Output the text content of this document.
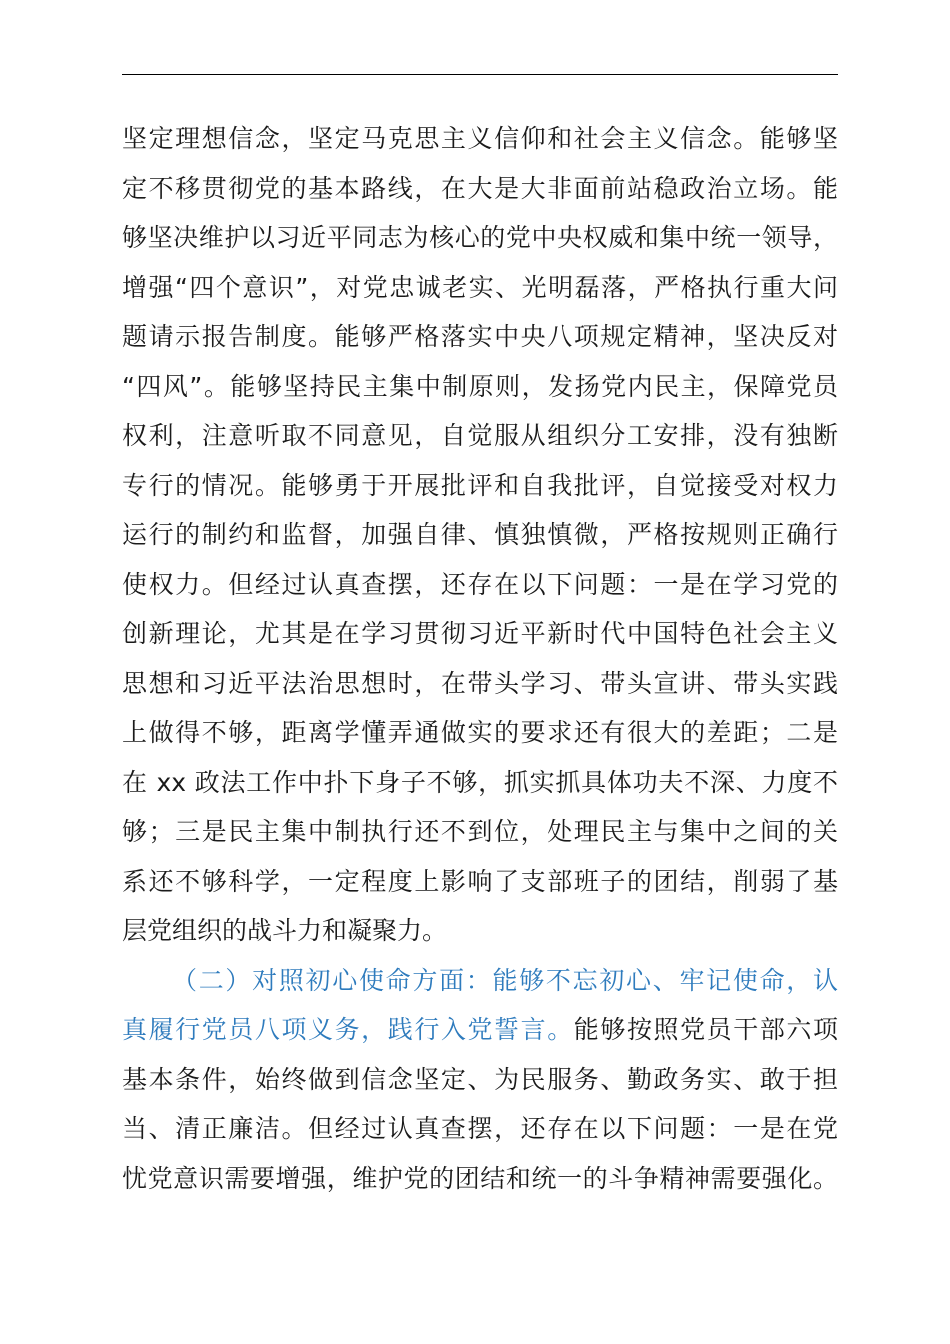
坚定理想信念，坚定马克思主义信仰和社会主义信念。能够坚
定不移贯彻党的基本路线，在大是大非面前站稳政治立场。能
够坚决维护以习近平同志为核心的党中央权威和集中统一领导，
增强“四个意识”，对党忠诚老实、光明磊落，严格执行重大问
题请示报告制度。能够严格落实中央八项规定精神，坚决反对
“四风”。能够坚持民主集中制原则，发扬党内民主，保障党员
权利，注意听取不同意见，自觉服从组织分工安排，没有独断
专行的情况。能够勇于开展批评和自我批评，自觉接受对权力
运行的制约和监督，加强自律、慎独慎微，严格按规则正确行
使权力。但经过认真查摆，还存在以下问题：一是在学习党的
创新理论，尤其是在学习贯彻习近平新时代中国特色社会主义
思想和习近平法治思想时，在带头学习、带头宣讲、带头实践
上做得不够，距离学懂弄通做实的要求还有很大的差距；二是
在 xx 政法工作中扑下身子不够，抓实抓具体功夫不深、力度不
够；三是民主集中制执行还不到位，处理民主与集中之间的关
系还不够科学，一定程度上影响了支部班子的团结，削弱了基
层党组织的战斗力和凝聚力。
（二）对照初心使命方面：能够不忘初心、牢记使命，认
真履行党员八项义务，践行入党誓言。能够按照党员干部六项
基本条件，始终做到信念坚定、为民服务、勤政务实、敢于担
当、清正廉洁。但经过认真查摆，还存在以下问题：一是在党
忧党意识需要增强，维护党的团结和统一的斗争精神需要强化。
